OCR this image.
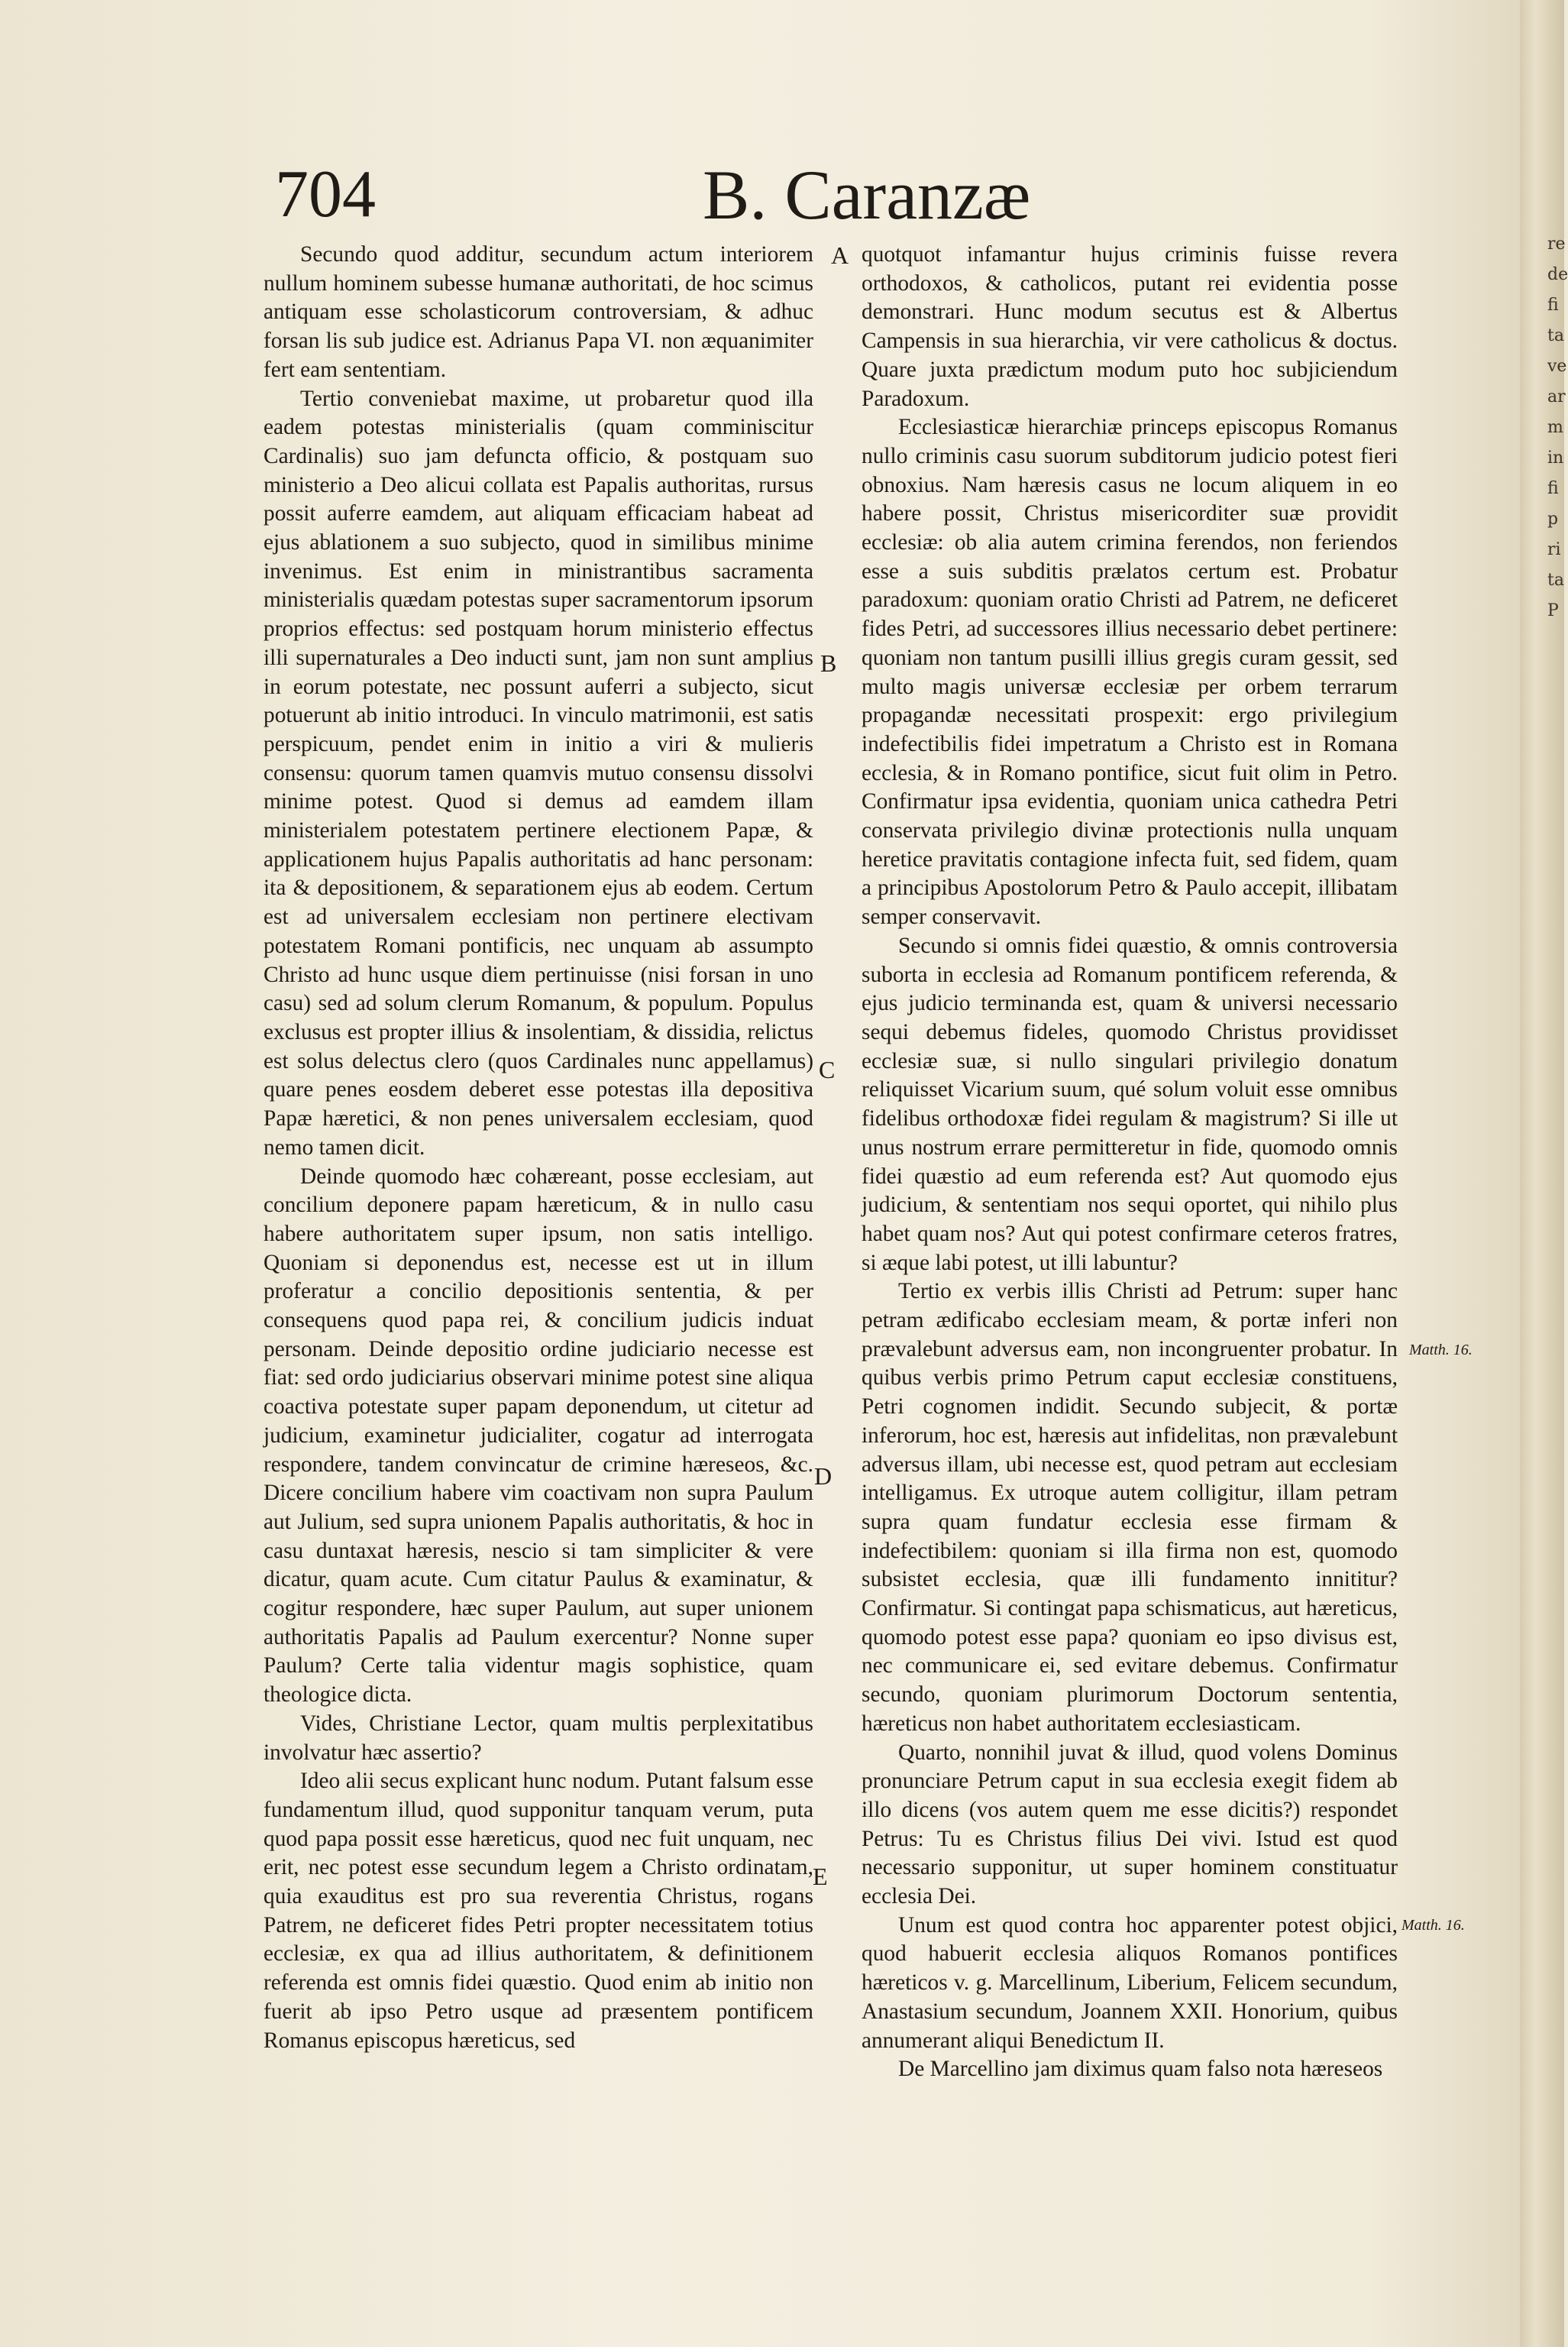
704	B. Caranzæ

Secundo quod additur, secundum actum interiorem nullum hominem subesse humanæ authoritati, de hoc scimus antiquam esse scholasticorum controversiam, & adhuc forsan lis sub judice est. Adrianus Papa VI. non æquanimiter fert eam sententiam.

Tertio conveniebat maxime, ut probaretur quod illa eadem potestas ministerialis (quam comminiscitur Cardinalis) suo jam defuncta officio, & postquam suo ministerio a Deo alicui collata est Papalis authoritas, rursus possit auferre eamdem, aut aliquam efficaciam habeat ad ejus ablationem a suo subjecto, quod in similibus minime invenimus. Est enim in ministrantibus sacramenta ministerialis quædam potestas super sacramentorum ipsorum proprios effectus: sed postquam horum ministerio effectus illi supernaturales a Deo inducti sunt, jam non sunt amplius in eorum potestate, nec possunt auferri a subjecto, sicut potuerunt ab initio introduci. In vinculo matrimonii, est satis perspicuum, pendet enim in initio a viri & mulieris consensu: quorum tamen quamvis mutuo consensu dissolvi minime potest. Quod si demus ad eamdem illam ministerialem potestatem pertinere electionem Papæ, & applicationem hujus Papalis authoritatis ad hanc personam: ita & depositionem, & separationem ejus ab eodem. Certum est ad universalem ecclesiam non pertinere electivam potestatem Romani pontificis, nec unquam ab assumpto Christo ad hunc usque diem pertinuisse (nisi forsan in uno casu) sed ad solum clerum Romanum, & populum. Populus exclusus est propter illius & insolentiam, & dissidia, relictus est solus delectus clero (quos Cardinales nunc appellamus) quare penes eosdem deberet esse potestas illa depositiva Papæ hæretici, & non penes universalem ecclesiam, quod nemo tamen dicit.

Deinde quomodo hæc cohæreant, posse ecclesiam, aut concilium deponere papam hæreticum, & in nullo casu habere authoritatem super ipsum, non satis intelligo. Quoniam si deponendus est, necesse est ut in illum proferatur a concilio depositionis sententia, & per consequens quod papa rei, & concilium judicis induat personam. Deinde depositio ordine judiciario necesse est fiat: sed ordo judiciarius observari minime potest sine aliqua coactiva potestate super papam deponendum, ut citetur ad judicium, examinetur judicialiter, cogatur ad interrogata respondere, tandem convincatur de crimine hæreseos, &c. Dicere concilium habere vim coactivam non supra Paulum aut Julium, sed supra unionem Papalis authoritatis, & hoc in casu duntaxat hæresis, nescio si tam simpliciter & vere dicatur, quam acute. Cum citatur Paulus & examinatur, & cogitur respondere, hæc super Paulum, aut super unionem authoritatis Papalis ad Paulum exercentur? Nonne super Paulum? Certe talia videntur magis sophistice, quam theologice dicta.

Vides, Christiane Lector, quam multis perplexitatibus involvatur hæc assertio?

Ideo alii secus explicant hunc nodum. Putant falsum esse fundamentum illud, quod supponitur tanquam verum, puta quod papa possit esse hæreticus, quod nec fuit unquam, nec erit, nec potest esse secundum legem a Christo ordinatam, quia exauditus est pro sua reverentia Christus, rogans Patrem, ne deficeret fides Petri propter necessitatem totius ecclesiæ, ex qua ad illius authoritatem, & definitionem referenda est omnis fidei quæstio. Quod enim ab initio non fuerit ab ipso Petro usque ad præsentem pontificem Romanus episcopus hæreticus, sed

A
B
C
D
E

quotquot infamantur hujus criminis fuisse revera orthodoxos, & catholicos, putant rei evidentia posse demonstrari. Hunc modum secutus est & Albertus Campensis in sua hierarchia, vir vere catholicus & doctus. Quare juxta prædictum modum puto hoc subjiciendum Paradoxum.

Ecclesiasticæ hierarchiæ princeps episcopus Romanus nullo criminis casu suorum subditorum judicio potest fieri obnoxius. Nam hæresis casus ne locum aliquem in eo habere possit, Christus misericorditer suæ providit ecclesiæ: ob alia autem criminа ferendos, non feriendos esse a suis subditis prælatos certum est. Probatur paradoxum: quoniam oratio Christi ad Patrem, ne deficeret fides Petri, ad successores illius necessario debet pertinere: quoniam non tantum pusilli illius gregis curam gessit, sed multo magis universæ ecclesiæ per orbem terrarum propagandæ necessitati prospexit: ergo privilegium indefectibilis fidei impetratum a Christo est in Romana ecclesia, & in Romano pontifice, sicut fuit olim in Petro. Confirmatur ipsa evidentia, quoniam unica cathedra Petri conservata privilegio divinæ protectionis nulla unquam heretice pravitatis contagione infecta fuit, sed fidem, quam a principibus Apostolorum Petro & Paulo accepit, illibatam semper conservavit.

Secundo si omnis fidei quæstio, & omnis controversia suborta in ecclesia ad Romanum pontificem referenda, & ejus judicio terminanda est, quam & universi necessario sequi debemus fideles, quomodo Christus providisset ecclesiæ suæ, si nullo singulari privilegio donatum reliquisset Vicarium suum, qué solum voluit esse omnibus fidelibus orthodoxæ fidei regulam & magistrum? Si ille ut unus nostrum errare permitteretur in fide, quomodo omnis fidei quæstio ad eum referenda est? Aut quomodo ejus judicium, & sententiam nos sequi oportet, qui nihilo plus habet quam nos? Aut qui potest confirmare ceteros fratres, si æque labi potest, ut illi labuntur?

Tertio ex verbis illis Christi ad Petrum: super hanc petram ædificabo ecclesiam meam, & portæ inferi non prævalebunt adversus eam, non incongruenter probatur. In quibus verbis primo Petrum caput ecclesiæ constituens, Petri cognomen indidit. Secundo subjecit, & portæ inferorum, hoc est, hæresis aut infidelitas, non prævalebunt adversus illam, ubi necesse est, quod petram aut ecclesiam intelligamus. Ex utroque autem colligitur, illam petram supra quam fundatur ecclesia esse firmam & indefectibilem: quoniam si illa firma non est, quomodo subsistet ecclesia, quæ illi fundamento innititur? Confirmatur. Si contingat papa schismaticus, aut hæreticus, quomodo potest esse papa? quoniam eo ipso divisus est, nec communicare ei, sed evitare debemus. Confirmatur secundo, quoniam plurimorum Doctorum sententia, hæreticus non habet authoritatem ecclesiasticam.

Quarto, nonnihil juvat & illud, quod volens Dominus pronunciare Petrum caput in sua ecclesia exegit fidem ab illo dicens (vos autem quem me esse dicitis?) respondet Petrus: Tu es Christus filius Dei vivi. Istud est quod necessario supponitur, ut super hominem constituatur ecclesia Dei.

Unum est quod contra hoc apparenter potest objici, quod habuerit ecclesia aliquos Romanos pontifices hæreticos v. g. Marcellinum, Liberium, Felicem secundum, Anastasium secundum, Joannem XXII. Honorium, quibus annumerant aliqui Benedictum II.

De Marcellino jam diximus quam falso nota hæreseos

Matth. 16.
Matth. 16.
re
de
fi
ta
ve
ar
m
in
fi
p
ri
ta
P
